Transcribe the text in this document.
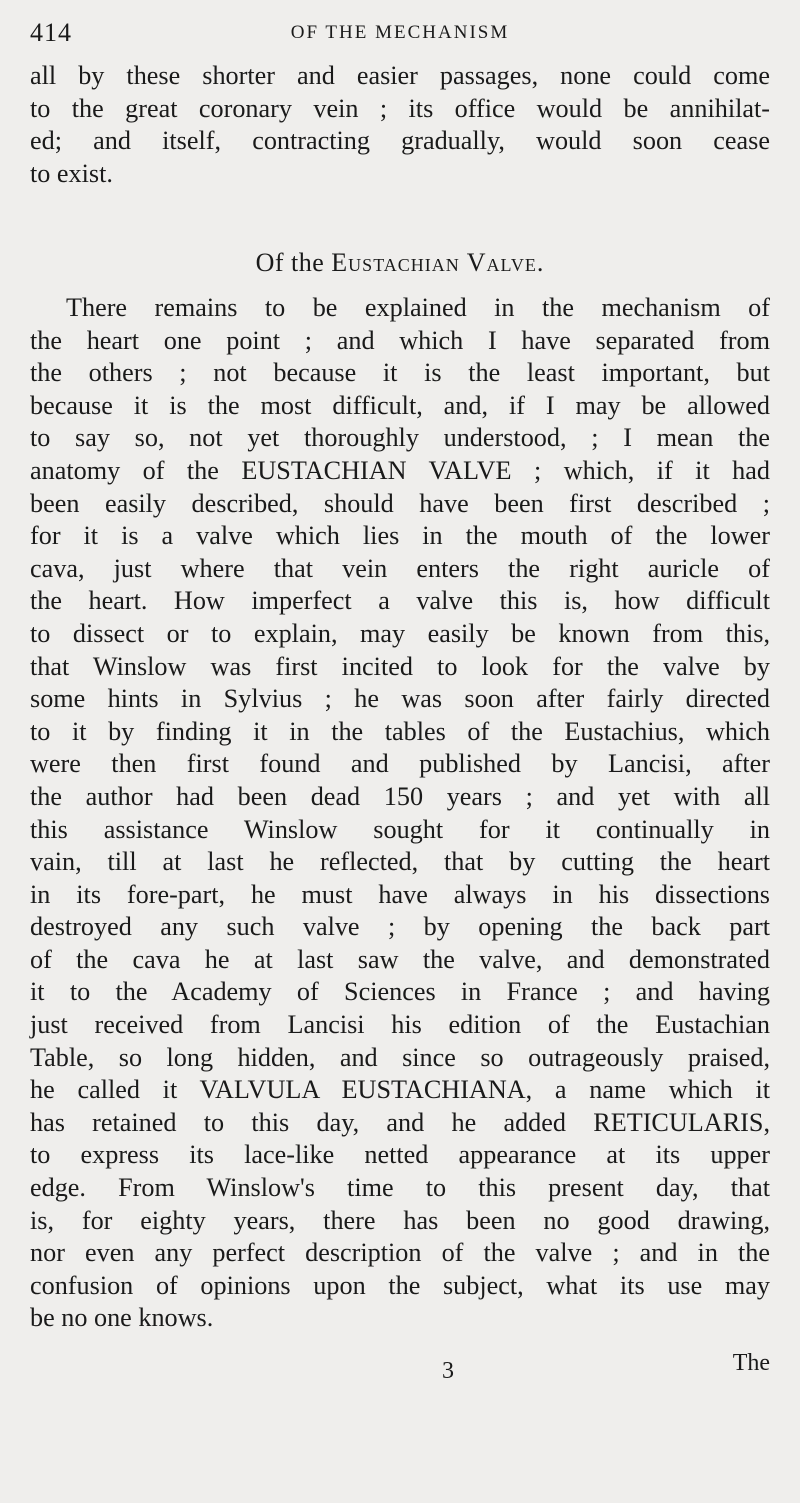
414	OF THE MECHANISM
all by these shorter and easier passages, none could come
to the great coronary vein ; its office would be annihilat-
ed; and itself, contracting gradually, would soon cease
to exist.
Of the Eustachian Valve.
There remains to be explained in the mechanism of
the heart one point ; and which I have separated from
the others ; not because it is the least important, but
because it is the most difficult, and, if I may be allowed
to say so, not yet thoroughly understood, ; I mean the
anatomy of the EUSTACHIAN VALVE ; which, if it had
been easily described, should have been first described ;
for it is a valve which lies in the mouth of the lower
cava, just where that vein enters the right auricle of
the heart. How imperfect a valve this is, how difficult
to dissect or to explain, may easily be known from this,
that Winslow was first incited to look for the valve by
some hints in Sylvius ; he was soon after fairly directed
to it by finding it in the tables of the Eustachius, which
were then first found and published by Lancisi, after
the author had been dead 150 years ; and yet with all
this assistance Winslow sought for it continually in
vain, till at last he reflected, that by cutting the heart
in its fore-part, he must have always in his dissections
destroyed any such valve ; by opening the back part
of the cava he at last saw the valve, and demonstrated
it to the Academy of Sciences in France ; and having
just received from Lancisi his edition of the Eustachian
Table, so long hidden, and since so outrageously praised,
he called it VALVULA EUSTACHIANA, a name which it
has retained to this day, and he added RETICULARIS,
to express its lace-like netted appearance at its upper
edge. From Winslow's time to this present day, that
is, for eighty years, there has been no good drawing,
nor even any perfect description of the valve ; and in the
confusion of opinions upon the subject, what its use may
be no one knows.
3	The
